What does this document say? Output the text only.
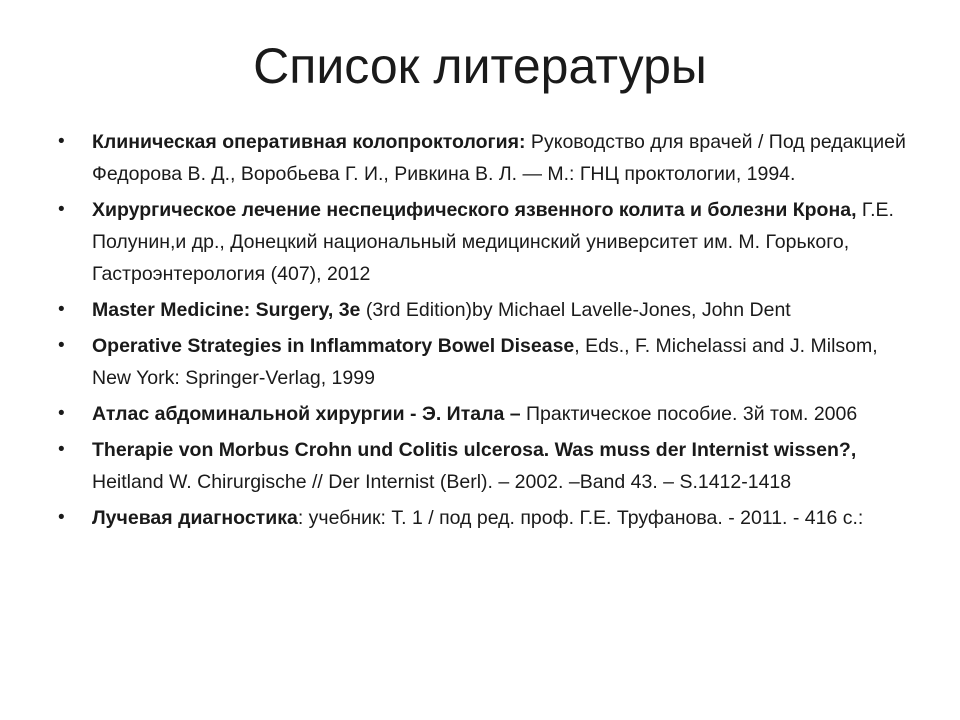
Список литературы
• Клиническая оперативная колопроктология: Руководство для врачей / Под редакцией Федорова В. Д., Воробьева Г. И., Ривкина В. Л. — М.: ГНЦ проктологии, 1994.
• Хирургическое лечение неспецифического язвенного колита и болезни Крона, Г.Е. Полунин,и др., Донецкий национальный медицинский университет им. М. Горького, Гастроэнтерология (407), 2012
• Master Medicine: Surgery, 3e (3rd Edition)by Michael Lavelle-Jones, John Dent
• Operative Strategies in Inflammatory Bowel Disease, Eds., F. Michelassi and J. Milsom, New York: Springer-Verlag, 1999
• Атлас абдоминальной хирургии - Э. Итала – Практическое пособие. 3й том. 2006
• Therapie von Morbus Crohn und Colitis ulcerosa. Was muss der Internist wissen?, Heitland W. Chirurgische // Der Internist (Berl). – 2002. –Band 43. – S.1412-1418
• Лучевая диагностика: учебник: Т. 1 / под ред. проф. Г.Е. Труфанова. - 2011. - 416 с.:
